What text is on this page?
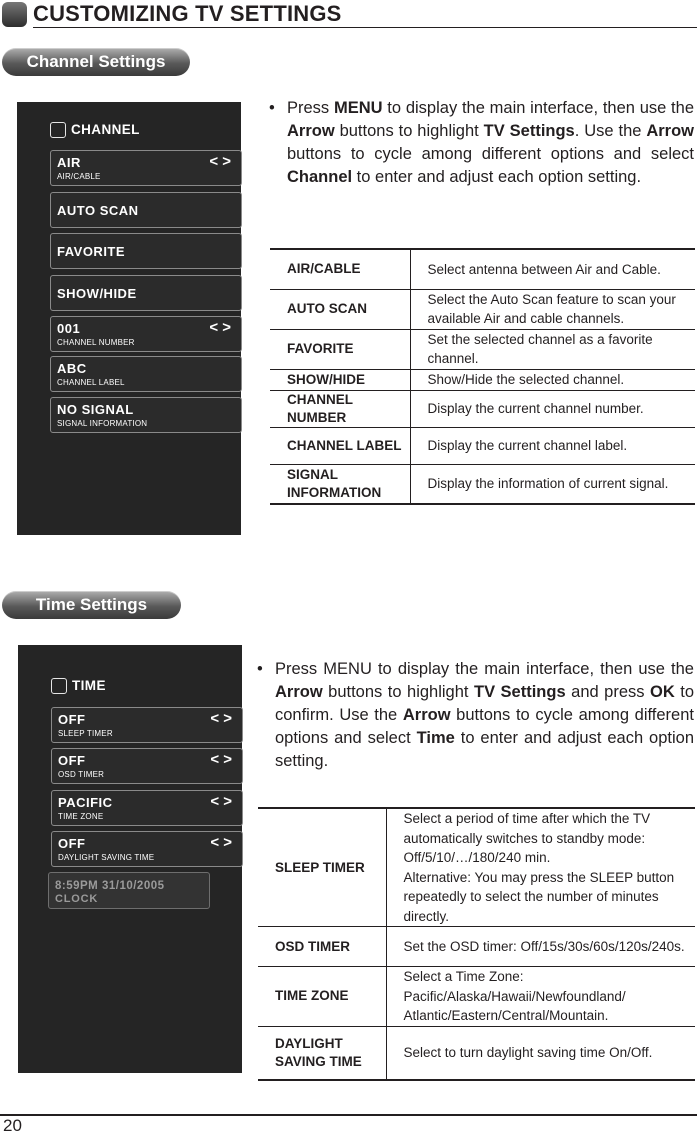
CUSTOMIZING TV SETTINGS
Channel Settings
CHANNEL
AIR
AIR/CABLE
< >
AUTO SCAN
FAVORITE
SHOW/HIDE
001
CHANNEL NUMBER
< >
ABC
CHANNEL LABEL
NO SIGNAL
SIGNAL INFORMATION
• Press MENU to display the main interface, then use the Arrow buttons to highlight TV Settings. Use the Arrow buttons to cycle among different options and select Channel to enter and adjust each option setting.
AIR/CABLE	Select antenna between Air and Cable.
AUTO SCAN	Select the Auto Scan feature to scan your available Air and cable channels.
FAVORITE	Set the selected channel as a favorite channel.
SHOW/HIDE	Show/Hide the selected channel.
CHANNEL NUMBER	Display the current channel number.
CHANNEL LABEL	Display the current channel label.
SIGNAL INFORMATION	Display the information of current signal.
Time Settings
TIME
OFF
SLEEP TIMER
< >
OFF
OSD TIMER
< >
PACIFIC
TIME ZONE
< >
OFF
DAYLIGHT SAVING TIME
< >
8:59PM 31/10/2005
CLOCK
• Press MENU to display the main interface, then use the Arrow buttons to highlight TV Settings and press OK to confirm. Use the Arrow buttons to cycle among different options and select Time to enter and adjust each option setting.
SLEEP TIMER	Select a period of time after which the TV automatically switches to standby mode: Off/5/10/…/180/240 min.
Alternative: You may press the SLEEP button repeatedly to select the number of minutes directly.

OSD TIMER	Set the OSD timer: Off/15s/30s/60s/120s/240s.
TIME ZONE	Select a Time Zone: Pacific/Alaska/Hawaii/Newfoundland/ Atlantic/Eastern/Central/Mountain.
DAYLIGHT SAVING TIME	Select to turn daylight saving time On/Off.
20
